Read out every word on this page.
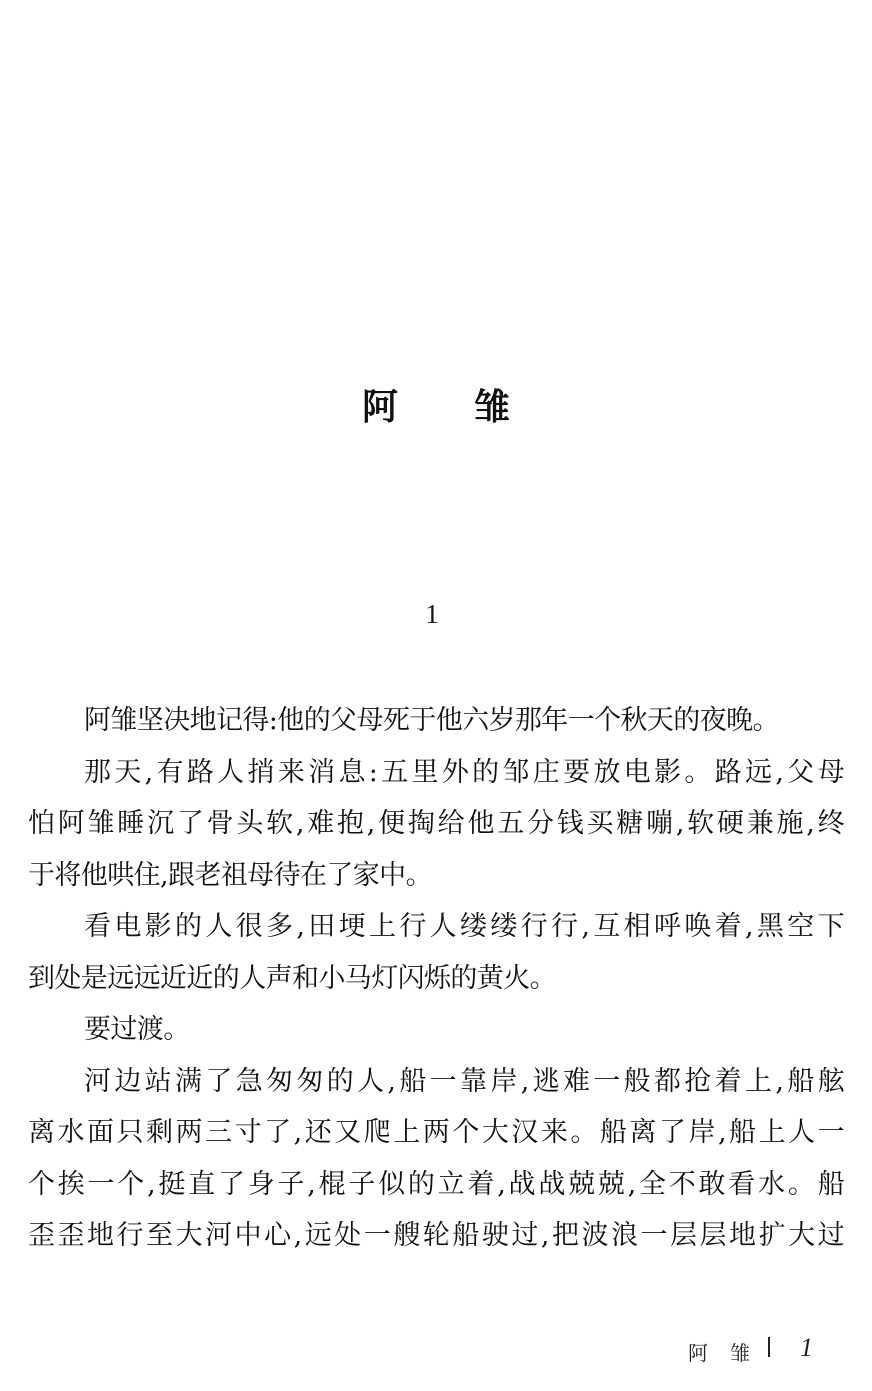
阿 雏
1

阿雏坚决地记得:他的父母死于他六岁那年一个秋天的夜晚。

那天,有路人捎来消息:五里外的邹庄要放电影。路远,父母
怕阿雏睡沉了骨头软,难抱,便掏给他五分钱买糖嘣,软硬兼施,终
于将他哄住,跟老祖母待在了家中。

看电影的人很多,田埂上行人缕缕行行,互相呼唤着,黑空下
到处是远远近近的人声和小马灯闪烁的黄火。

要过渡。

河边站满了急匆匆的人,船一靠岸,逃难一般都抢着上,船舷
离水面只剩两三寸了,还又爬上两个大汉来。船离了岸,船上人一
个挨一个,挺直了身子,棍子似的立着,战战兢兢,全不敢看水。船
歪歪地行至大河中心,远处一艘轮船驶过,把波浪一层层地扩大过

阿 雏 1
